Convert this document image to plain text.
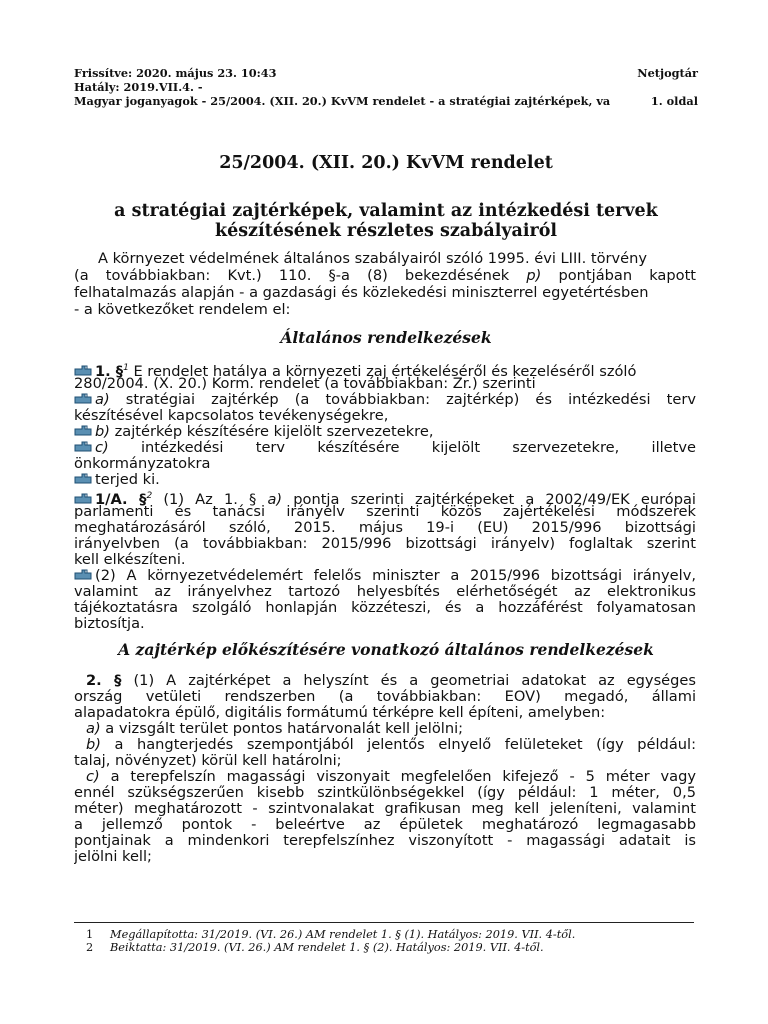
Frissítve: 2020. május 23. 10:43	Netjogtár
Hatály: 2019.VII.4. -
Magyar joganyagok - 25/2004. (XII. 20.) KvVM rendelet - a stratégiai zajtérképek, va	1. oldal
25/2004. (XII. 20.) KvVM rendelet
a stratégiai zajtérképek, valamint az intézkedési tervek
készítésének részletes szabályairól
A környezet védelmének általános szabályairól szóló 1995. évi LIII. törvény
(a továbbiakban: Kvt.) 110. §-a (8) bekezdésének p) pontjában kapott
felhatalmazás alapján - a gazdasági és közlekedési miniszterrel egyetértésben
- a következőket rendelem el:
Általános rendelkezések
1. §$^1$ E rendelet hatálya a környezeti zaj értékeléséről és kezeléséről szóló
280/2004. (X. 20.) Korm. rendelet (a továbbiakban: Zr.) szerinti
a) stratégiai zajtérkép (a továbbiakban: zajtérkép) és intézkedési terv
készítésével kapcsolatos tevékenységekre,
b) zajtérkép készítésére kijelölt szervezetekre,
c) intézkedési terv készítésére kijelölt szervezetekre, illetve
önkormányzatokra
terjed ki.
1/A. §$^2$ (1) Az 1. § a) pontja szerinti zajtérképeket a 2002/49/EK európai
parlamenti és tanácsi irányelv szerinti közös zajértékelési módszerek
meghatározásáról szóló, 2015. május 19-i (EU) 2015/996 bizottsági
irányelvben (a továbbiakban: 2015/996 bizottsági irányelv) foglaltak szerint
kell elkészíteni.
(2) A környezetvédelemért felelős miniszter a 2015/996 bizottsági irányelv,
valamint az irányelvhez tartozó helyesbítés elérhetőségét az elektronikus
tájékoztatásra szolgáló honlapján közzéteszi, és a hozzáférést folyamatosan
biztosítja.
A zajtérkép előkészítésére vonatkozó általános rendelkezések
2. § (1) A zajtérképet a helyszínt és a geometriai adatokat az egységes
ország vetületi rendszerben (a továbbiakban: EOV) megadó, állami
alapadatokra épülő, digitális formátumú térképre kell építeni, amelyben:
a) a vizsgált terület pontos határvonalát kell jelölni;
b) a hangterjedés szempontjából jelentős elnyelő felületeket (így például:
talaj, növényzet) körül kell határolni;
c) a terepfelszín magassági viszonyait megfelelően kifejező - 5 méter vagy
ennél szükségszerűen kisebb szintkülönbségekkel (így például: 1 méter, 0,5
méter) meghatározott - szintvonalakat grafikusan meg kell jeleníteni, valamint
a jellemző pontok - beleértve az épületek meghatározó legmagasabb
pontjainak a mindenkori terepfelszínhez viszonyított - magassági adatait is
jelölni kell;
1 Megállapította: 31/2019. (VI. 26.) AM rendelet 1. § (1). Hatályos: 2019. VII. 4-től.
2 Beiktatta: 31/2019. (VI. 26.) AM rendelet 1. § (2). Hatályos: 2019. VII. 4-től.
